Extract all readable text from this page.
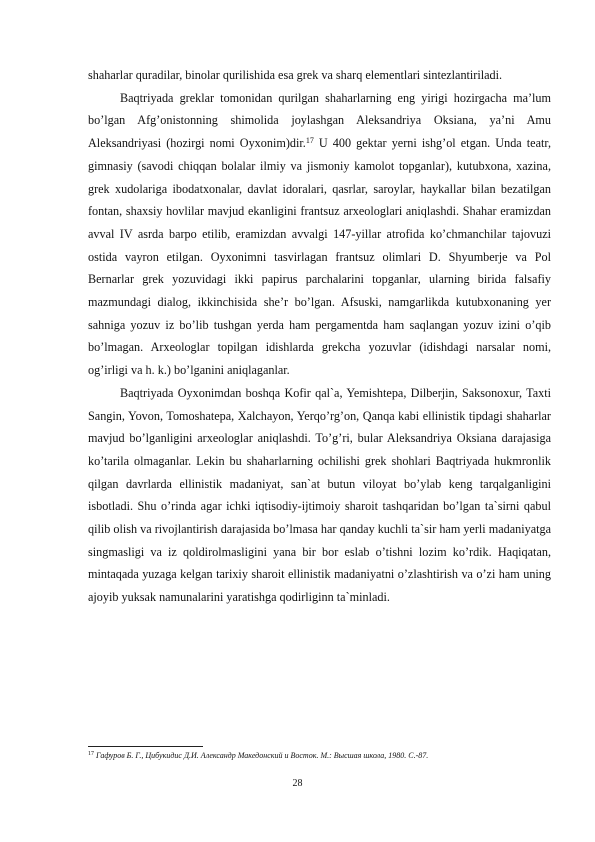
shaharlar quradilar, binolar qurilishida esa grek va sharq elementlari sintezlantiriladi.

Baqtriyada greklar tomonidan qurilgan shaharlarning eng yirigi hozirgacha ma’lum bo’lgan Afg’onistonning shimolida joylashgan Aleksandriya Oksiana, ya’ni Amu Aleksandriyasi (hozirgi nomi Oyxonim)dir.$^{17}$ U 400 gektar yerni ishg’ol etgan. Unda teatr, gimnasiy (savodi chiqqan bolalar ilmiy va jismoniy kamolot topganlar), kutubxona, xazina, grek xudolariga ibodatxonalar, davlat idoralari, qasrlar, saroylar, haykallar bilan bezatilgan fontan, shaxsiy hovlilar mavjud ekanligini frantsuz arxeologlari aniqlashdi. Shahar eramizdan avval IV asrda barpo etilib, eramizdan avvalgi 147-yillar atrofida ko’chmanchilar tajovuzi ostida vayron etilgan. Oyxonimni tasvirlagan frantsuz olimlari D. Shyumberje va Pol Bernarlar grek yozuvidagi ikki papirus parchalarini topganlar, ularning birida falsafiy mazmundagi dialog, ikkinchisida she’r bo’lgan. Afsuski, namgarlikda kutubxonaning yer sahniga yozuv iz bo’lib tushgan yerda ham pergamentda ham saqlangan yozuv izini o’qib bo’lmagan. Arxeologlar topilgan idishlarda grekcha yozuvlar (idishdagi narsalar nomi, og’irligi va h. k.) bo’lganini aniqlaganlar.

Baqtriyada Oyxonimdan boshqa Kofir qal`a, Yemishtepa, Dilberjin, Saksonoxur, Taxti Sangin, Yovon, Tomoshatepa, Xalchayon, Yerqo’rg’on, Qanqa kabi ellinistik tipdagi shaharlar mavjud bo’lganligini arxeologlar aniqlashdi. To’g’ri, bular Aleksandriya Oksiana darajasiga ko’tarila olmaganlar. Lekin bu shaharlarning ochilishi grek shohlari Baqtriyada hukmronlik qilgan davrlarda ellinistik madaniyat, san`at butun viloyat bo’ylab keng tarqalganligini isbotladi. Shu o’rinda agar ichki iqtisodiy-ijtimoiy sharoit tashqaridan bo’lgan ta`sirni qabul qilib olish va rivojlantirish darajasida bo’lmasa har qanday kuchli ta`sir ham yerli madaniyatga singmasligi va iz qoldirolmasligini yana bir bor eslab o’tishni lozim ko’rdik. Haqiqatan, mintaqada yuzaga kelgan tarixiy sharoit ellinistik madaniyatni o’zlashtirish va o’zi ham uning ajoyib yuksak namunalarini yaratishga qodirliginn ta`minladi.

$^{17}$ Гафуров Б. Г., Цибукидис Д.И. Александр Македонский и Восток. М.: Высшая школа, 1980. С.-87.
28
